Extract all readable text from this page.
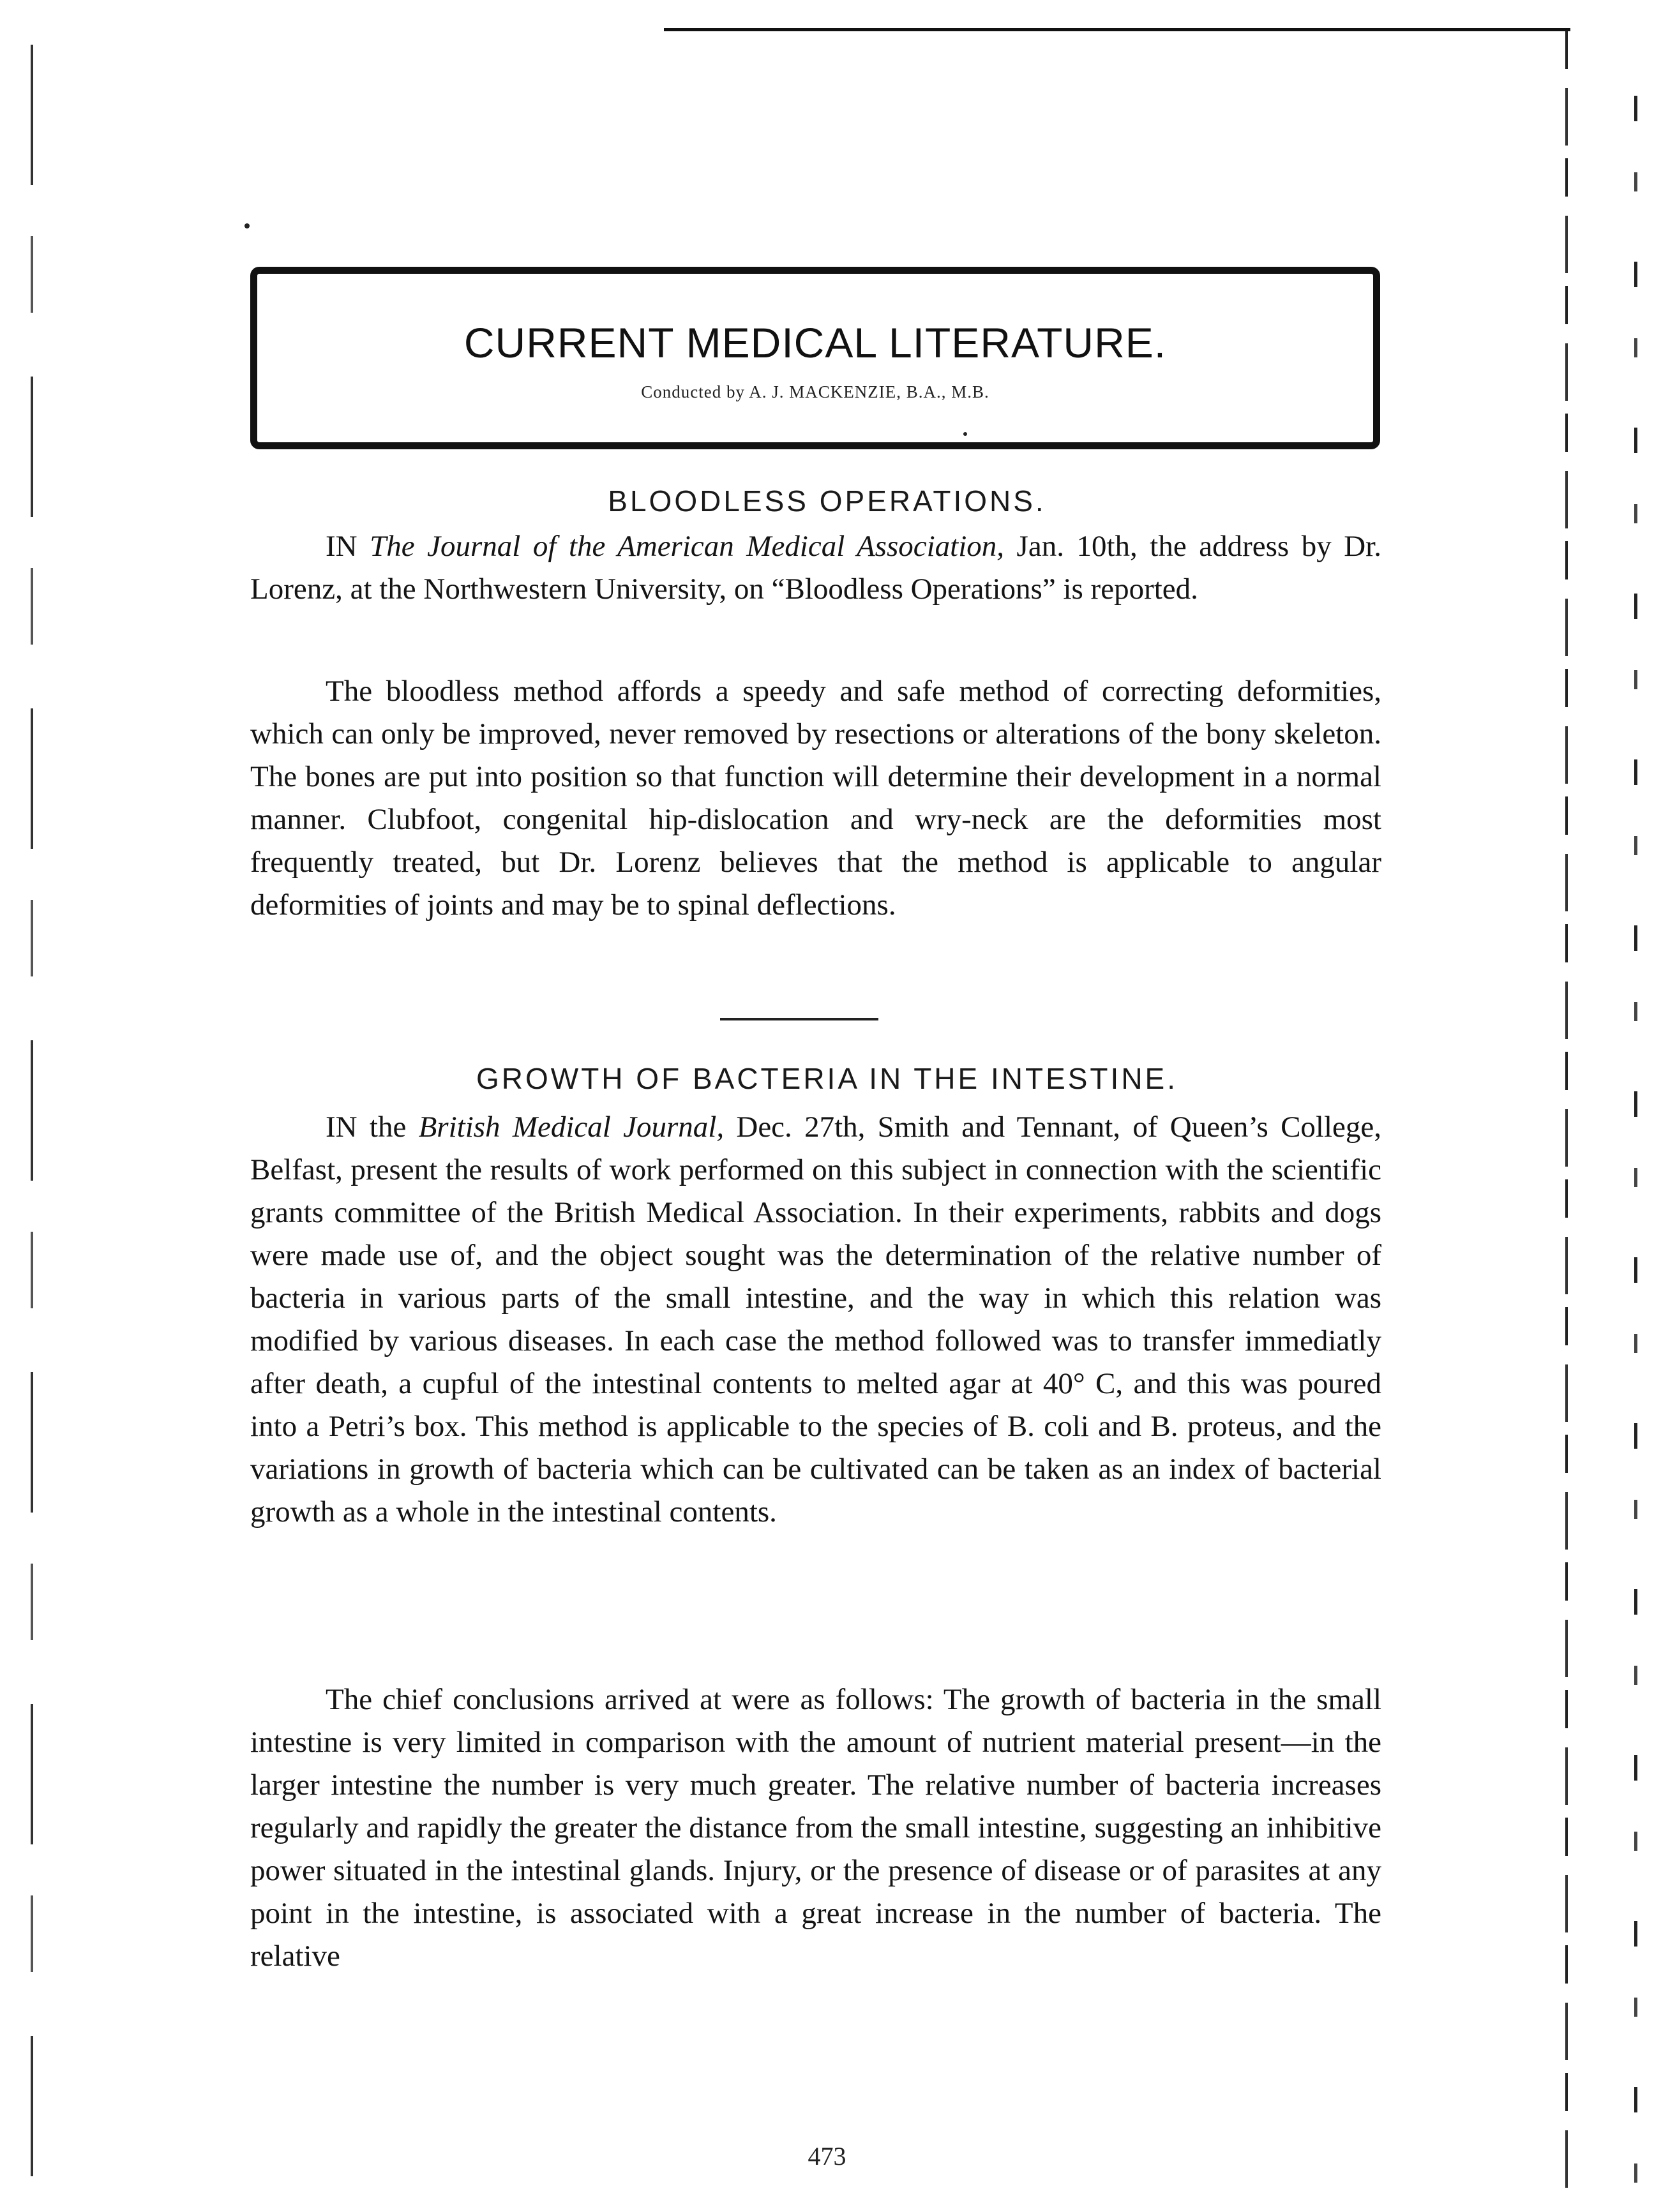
CURRENT MEDICAL LITERATURE.
Conducted by A. J. MACKENZIE, B.A., M.B.
BLOODLESS OPERATIONS.

IN The Journal of the American Medical Association, Jan. 10th, the address by Dr. Lorenz, at the Northwestern University, on “Bloodless Operations” is reported.

The bloodless method affords a speedy and safe method of correcting deformities, which can only be improved, never removed by resections or alterations of the bony skeleton. The bones are put into position so that function will determine their development in a normal manner. Clubfoot, congenital hip-dislocation and wry-neck are the deformities most frequently treated, but Dr. Lorenz believes that the method is applicable to angular deformities of joints and may be to spinal deflections.

GROWTH OF BACTERIA IN THE INTESTINE.

IN the British Medical Journal, Dec. 27th, Smith and Tennant, of Queen’s College, Belfast, present the results of work performed on this subject in connection with the scientific grants committee of the British Medical Association. In their experiments, rabbits and dogs were made use of, and the object sought was the determination of the relative number of bacteria in various parts of the small intestine, and the way in which this relation was modified by various diseases. In each case the method followed was to transfer immediatly after death, a cupful of the intestinal contents to melted agar at 40° C, and this was poured into a Petri’s box. This method is applicable to the species of B. coli and B. proteus, and the variations in growth of bacteria which can be cultivated can be taken as an index of bacterial growth as a whole in the intestinal contents.

The chief conclusions arrived at were as follows: The growth of bacteria in the small intestine is very limited in comparison with the amount of nutrient material present—in the larger intestine the number is very much greater. The relative number of bacteria increases regularly and rapidly the greater the distance from the small intestine, suggesting an inhibitive power situated in the intestinal glands. Injury, or the presence of disease or of parasites at any point in the intestine, is associated with a great increase in the number of bacteria. The relative

473
